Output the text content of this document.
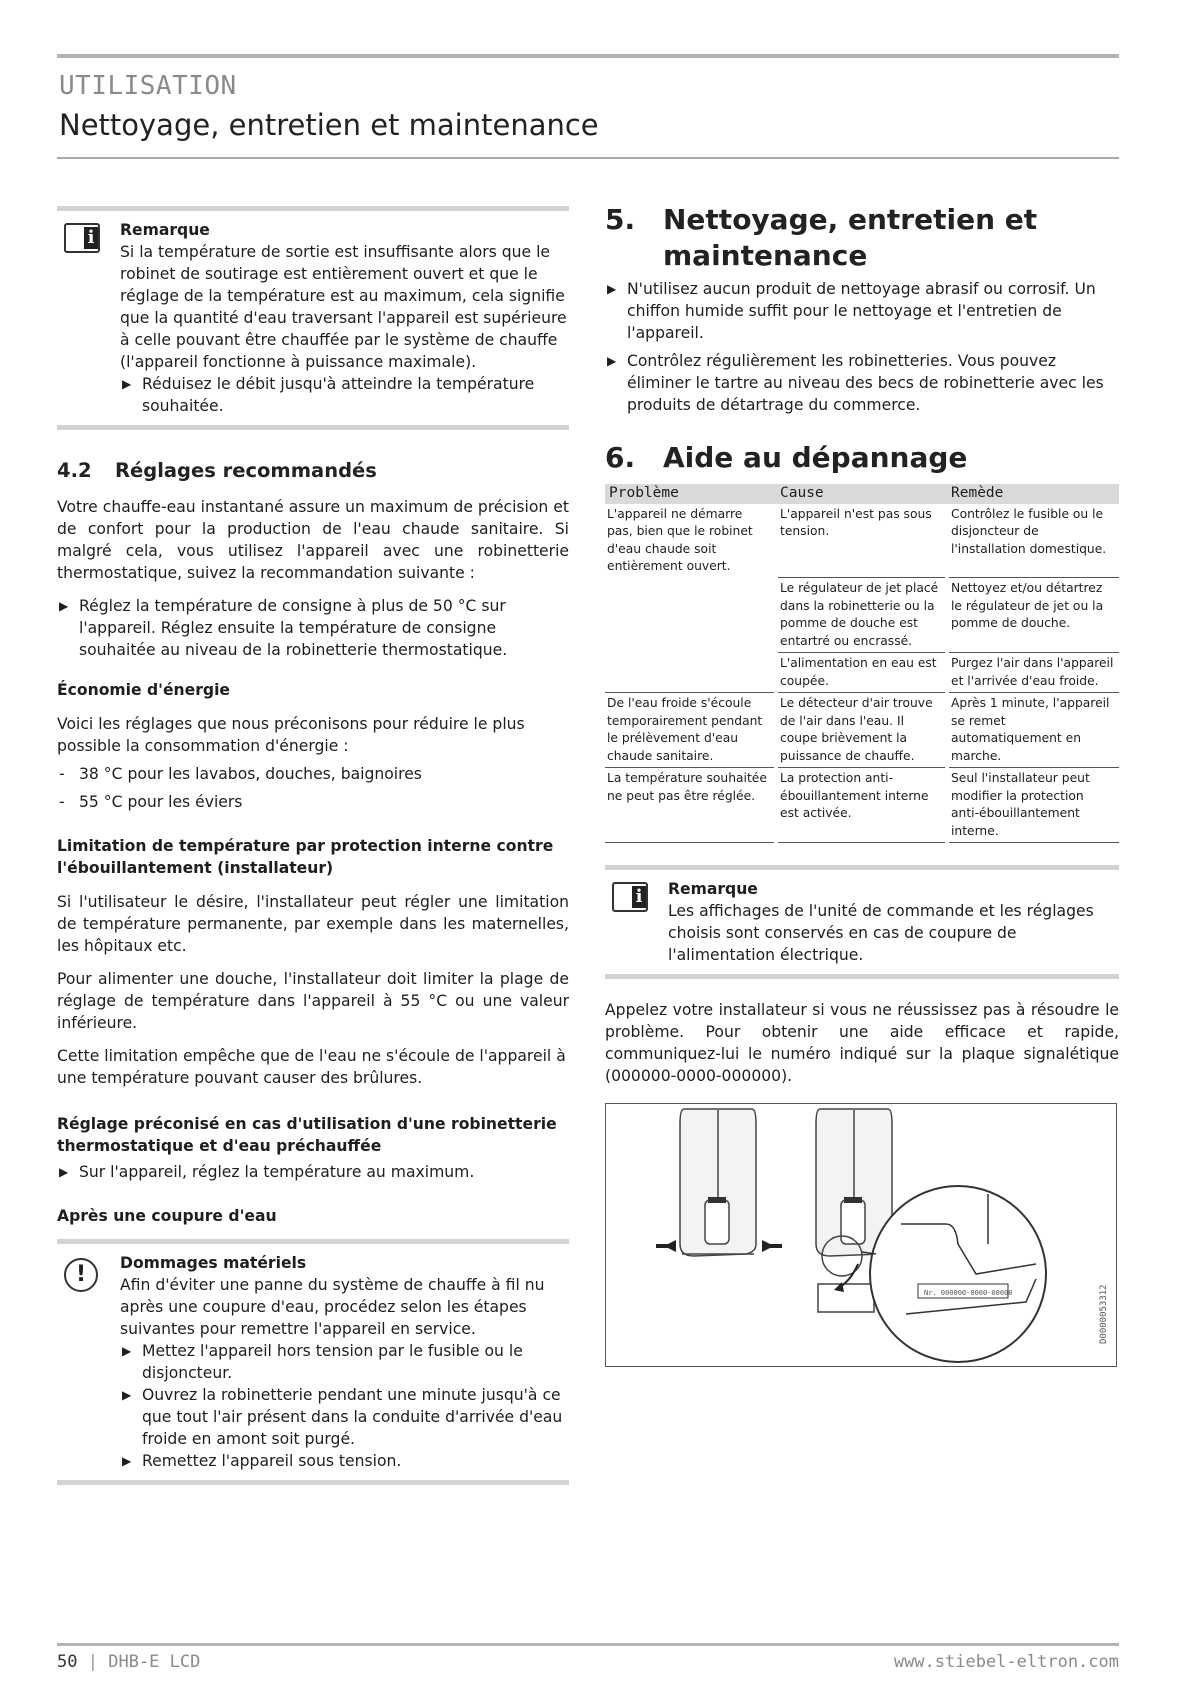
UTILISATION
Nettoyage, entretien et maintenance
i Remarque
Si la température de sortie est insuffisante alors que le robinet de soutirage est entièrement ouvert et que le réglage de la température est au maximum, cela signifie que la quantité d'eau traversant l'appareil est supérieure à celle pouvant être chauffée par le système de chauffe (l'appareil fonctionne à puissance maximale).
▶ Réduisez le débit jusqu'à atteindre la température souhaitée.
4.2 Réglages recommandés

Votre chauffe-eau instantané assure un maximum de précision et de confort pour la production de l'eau chaude sanitaire. Si malgré cela, vous utilisez l'appareil avec une robinetterie thermostatique, suivez la recommandation suivante :

▶ Réglez la température de consigne à plus de 50 °C sur l'appareil. Réglez ensuite la température de consigne souhaitée au niveau de la robinetterie thermostatique.
Économie d'énergie

Voici les réglages que nous préconisons pour réduire le plus possible la consommation d'énergie :

- 38 °C pour les lavabos, douches, baignoires
- 55 °C pour les éviers
Limitation de température par protection interne contre l'ébouillantement (installateur)

Si l'utilisateur le désire, l'installateur peut régler une limitation de température permanente, par exemple dans les maternelles, les hôpitaux etc.

Pour alimenter une douche, l'installateur doit limiter la plage de réglage de température dans l'appareil à 55 °C ou une valeur inférieure.

Cette limitation empêche que de l'eau ne s'écoule de l'appareil à une température pouvant causer des brûlures.

Réglage préconisé en cas d'utilisation d'une robinetterie thermostatique et d'eau préchauffée
▶ Sur l'appareil, réglez la température au maximum.
Après une coupure d'eau
!	Dommages matériels
Afin d'éviter une panne du système de chauffe à fil nu après une coupure d'eau, procédez selon les étapes suivantes pour remettre l'appareil en service.
▶ Mettez l'appareil hors tension par le fusible ou le disjoncteur.
▶ Ouvrez la robinetterie pendant une minute jusqu'à ce que tout l'air présent dans la conduite d'arrivée d'eau froide en amont soit purgé.
▶ Remettez l'appareil sous tension.
5. Nettoyage, entretien et maintenance
▶ N'utilisez aucun produit de nettoyage abrasif ou corrosif. Un chiffon humide suffit pour le nettoyage et l'entretien de l'appareil.
▶ Contrôlez régulièrement les robinetteries. Vous pouvez éliminer le tartre au niveau des becs de robinetterie avec les produits de détartrage du commerce.
6. Aide au dépannage
Problème	Cause	Remède
L'appareil ne démarre pas, bien que le robinet d'eau chaude soit entièrement ouvert.	L'appareil n'est pas sous tension.	Contrôlez le fusible ou le disjoncteur de l'installation domestique.
	Le régulateur de jet placé dans la robinetterie ou la pomme de douche est entartré ou encrassé.	Nettoyez et/ou détartrez le régulateur de jet ou la pomme de douche.
	L'alimentation en eau est coupée.	Purgez l'air dans l'appareil et l'arrivée d'eau froide.
De l'eau froide s'écoule temporairement pendant le prélèvement d'eau chaude sanitaire.	Le détecteur d'air trouve de l'air dans l'eau. Il coupe brièvement la puissance de chauffe.	Après 1 minute, l'appareil se remet automatiquement en marche.
La température souhaitée ne peut pas être réglée.	La protection anti-ébouillantement interne est activée.	Seul l'installateur peut modifier la protection anti-ébouillantement interne.
i Remarque
Les affichages de l'unité de commande et les réglages choisis sont conservés en cas de coupure de l'alimentation électrique.

Appelez votre installateur si vous ne réussissez pas à résoudre le problème. Pour obtenir une aide efficace et rapide, communiquez-lui le numéro indiqué sur la plaque signalétique (000000-0000-000000).

Nr. 000000-0000-00000	D0000053312
50 | DHB-E LCD	www.stiebel-eltron.com
